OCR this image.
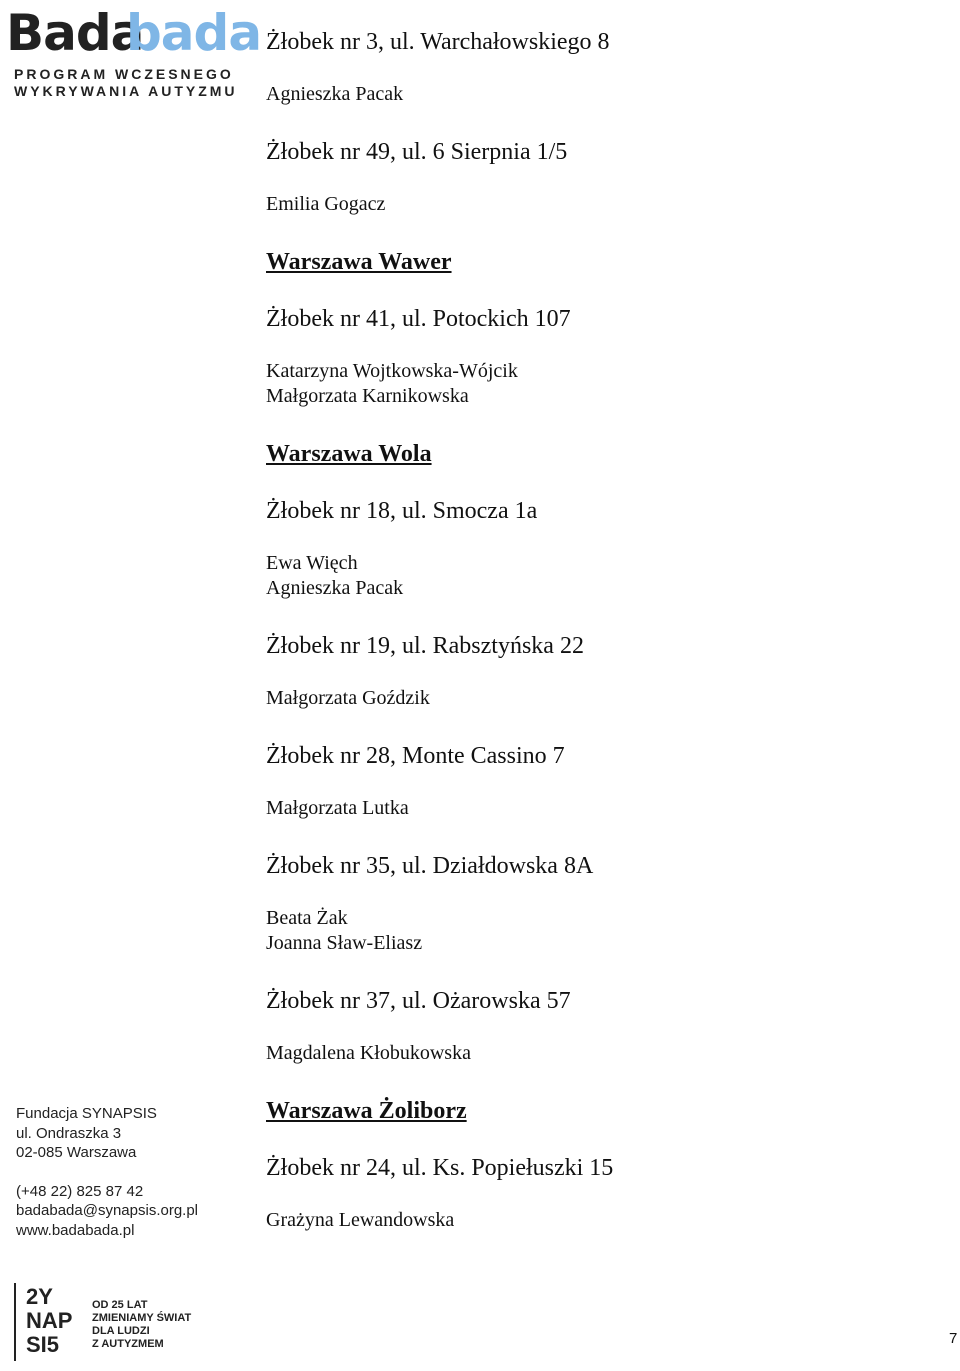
Bada
bada
PROGRAM WCZESNEGO
WYKRYWANIA AUTYZMU
Żłobek nr 3, ul. Warchałowskiego 8
Agnieszka Pacak
Żłobek nr 49, ul. 6 Sierpnia 1/5
Emilia Gogacz
Warszawa Wawer
Żłobek nr 41, ul. Potockich 107
Katarzyna Wojtkowska-Wójcik
Małgorzata Karnikowska
Warszawa Wola
Żłobek nr 18, ul. Smocza 1a
Ewa Więch
Agnieszka Pacak
Żłobek nr 19, ul. Rabsztyńska 22
Małgorzata Goździk
Żłobek nr 28, Monte Cassino 7
Małgorzata Lutka
Żłobek nr 35, ul. Działdowska 8A
Beata Żak
Joanna Sław-Eliasz
Żłobek nr 37, ul. Ożarowska 57
Magdalena Kłobukowska
Warszawa Żoliborz
Żłobek nr 24, ul. Ks. Popiełuszki 15
Grażyna Lewandowska
Fundacja SYNAPSIS
ul. Ondraszka 3
02-085 Warszawa
(+48 22) 825 87 42
badabada@synapsis.org.pl
www.badabada.pl
2Y
NAP
SI5
OD 25 LAT
ZMIENIAMY ŚWIAT
DLA LUDZI
Z AUTYZMEM	7
